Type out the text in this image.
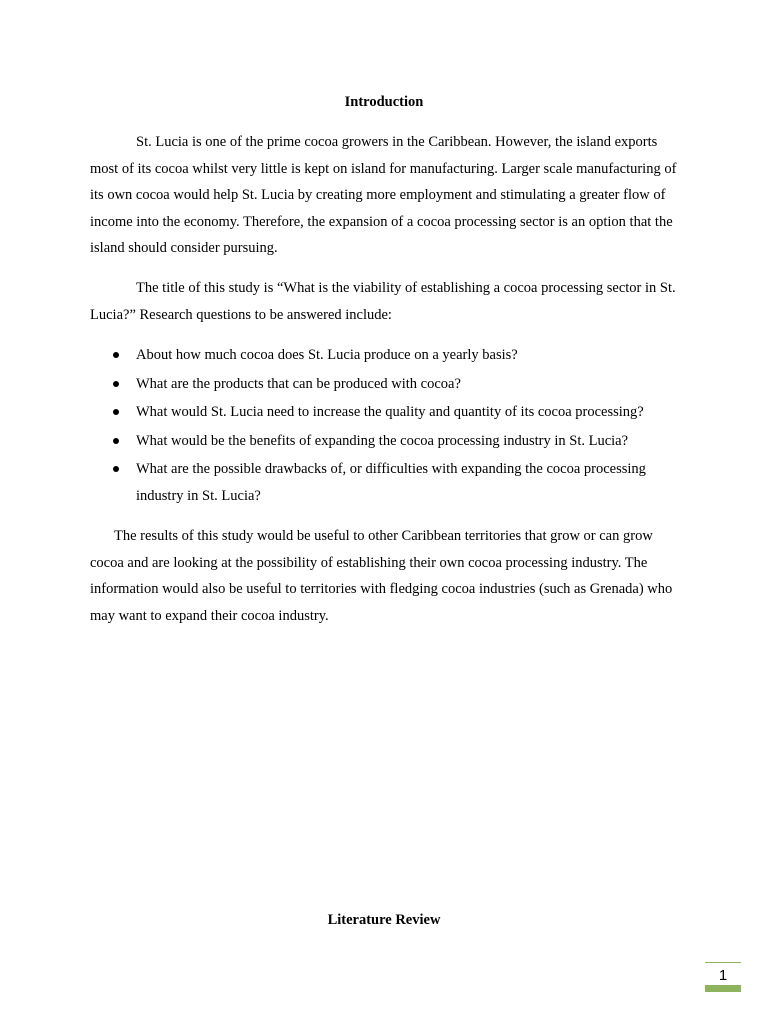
Introduction

St. Lucia is one of the prime cocoa growers in the Caribbean. However, the island exports most of its cocoa whilst very little is kept on island for manufacturing. Larger scale manufacturing of its own cocoa would help St. Lucia by creating more employment and stimulating a greater flow of income into the economy. Therefore, the expansion of a cocoa processing sector is an option that the island should consider pursuing.

The title of this study is “What is the viability of establishing a cocoa processing sector in St. Lucia?” Research questions to be answered include:

About how much cocoa does St. Lucia produce on a yearly basis?
What are the products that can be produced with cocoa?
What would St. Lucia need to increase the quality and quantity of its cocoa processing?
What would be the benefits of expanding the cocoa processing industry in St. Lucia?
What are the possible drawbacks of, or difficulties with expanding the cocoa processing industry in St. Lucia?

The results of this study would be useful to other Caribbean territories that grow or can grow cocoa and are looking at the possibility of establishing their own cocoa processing industry. The information would also be useful to territories with fledging cocoa industries (such as Grenada) who may want to expand their cocoa industry.

Literature Review
1
